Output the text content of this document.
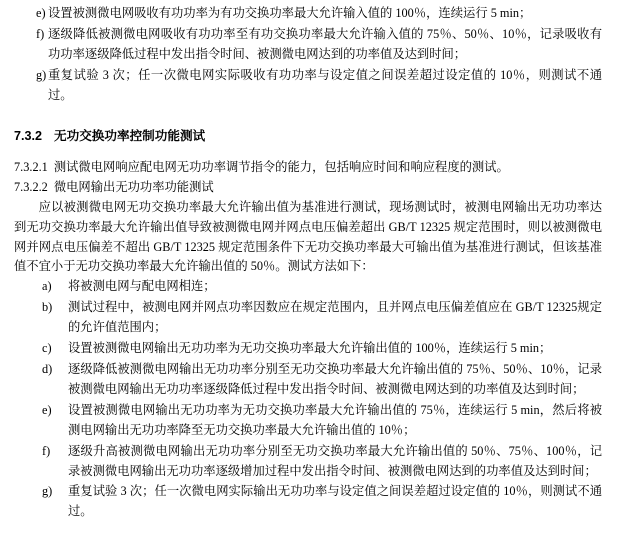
e) 设置被测微电网吸收有功功率为有功交换功率最大允许输入值的 100％，连续运行 5 min；
f) 逐级降低被测微电网吸收有功功率至有功交换功率最大允许输入值的 75％、50％、10％，记录吸收有功功率逐级降低过程中发出指令时间、被测微电网达到的功率值及达到时间；
g) 重复试验 3 次；任一次微电网实际吸收有功功率与设定值之间误差超过设定值的 10％，则测试不通过。
7.3.2 无功交换功率控制功能测试

7.3.2.1 测试微电网响应配电网无功功率调节指令的能力，包括响应时间和响应程度的测试。

7.3.2.2 微电网输出无功功率功能测试

应以被测微电网无功交换功率最大允许输出值为基准进行测试，现场测试时，被测电网输出无功功率达到无功交换功率最大允许输出值导致被测微电网并网点电压偏差超出 GB/T 12325 规定范围时，则以被测微电网并网点电压偏差不超出 GB/T 12325 规定范围条件下无功交换功率最大可输出值为基准进行测试，但该基准值不宜小于无功交换功率最大允许输出值的 50％。测试方法如下：

a)	将被测电网与配电网相连；
b)	测试过程中，被测电网并网点功率因数应在规定范围内，且并网点电压偏差值应在 GB/T 12325规定的允许值范围内；
c)	设置被测微电网输出无功功率为无功交换功率最大允许输出值的 100％，连续运行 5 min；
d)	逐级降低被测微电网输出无功功率分别至无功交换功率最大允许输出值的 75％、50％、10％，记录被测微电网输出无功功率逐级降低过程中发出指令时间、被测微电网达到的功率值及达到时间；
e)	设置被测微电网输出无功功率为无功交换功率最大允许输出值的 75％，连续运行 5 min，然后将被测电网输出无功功率降至无功交换功率最大允许输出值的 10％；
f)	逐级升高被测微电网输出无功功率分别至无功交换功率最大允许输出值的 50％、75％、100％，记录被测微电网输出无功功率逐级增加过程中发出指令时间、被测微电网达到的功率值及达到时间；
g)	重复试验 3 次；任一次微电网实际输出无功功率与设定值之间误差超过设定值的 10％，则测试不通过。
